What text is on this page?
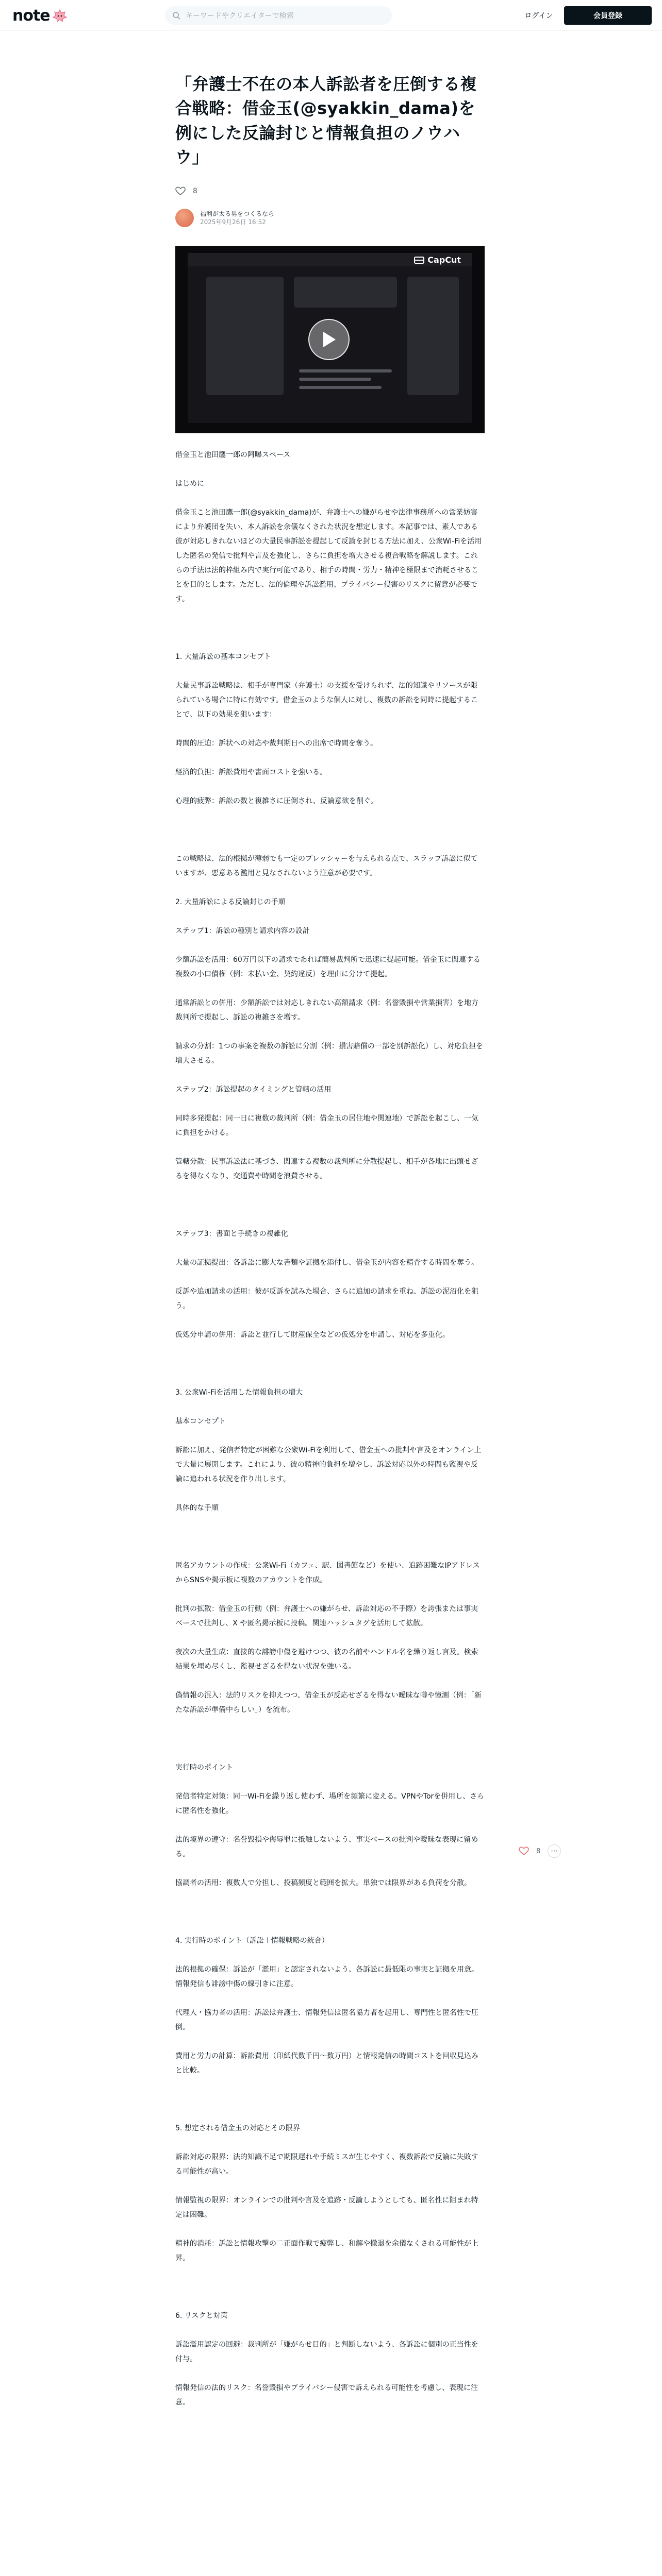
note	キーワードやクリエイターで検索	ログイン	会員登録
「弁護士不在の本人訴訟者を圧倒する複合戦略：借金玉(@syakkin_dama)を例にした反論封じと情報負担のノウハウ」
8
福利が太る男をつくるなら
2025年9月26日 16:52
CapCut

借金玉と池田鷹一郎の阿曝スペース

はじめに

借金玉こと池田鷹一郎(@syakkin_dama)が、弁護士への嫌がらせや法律事務所への営業妨害により弁護団を失い、本人訴訟を余儀なくされた状況を想定します。本記事では、素人である彼が対応しきれないほどの大量民事訴訟を提起して反論を封じる方法に加え、公衆Wi-Fiを活用した匿名の発信で批判や言及を強化し、さらに負担を増大させる複合戦略を解説します。これらの手法は法的枠組み内で実行可能であり、相手の時間・労力・精神を極限まで消耗させることを目的とします。ただし、法的倫理や訴訟濫用、プライバシー侵害のリスクに留意が必要です。

1. 大量訴訟の基本コンセプト

大量民事訴訟戦略は、相手が専門家（弁護士）の支援を受けられず、法的知識やリソースが限られている場合に特に有効です。借金玉のような個人に対し、複数の訴訟を同時に提起することで、以下の効果を狙います：

時間的圧迫：訴状への対応や裁判期日への出席で時間を奪う。

経済的負担：訴訟費用や書面コストを強いる。

心理的疲弊：訴訟の数と複雑さに圧倒され、反論意欲を削ぐ。

この戦略は、法的根拠が薄弱でも一定のプレッシャーを与えられる点で、スラップ訴訟に似ていますが、悪意ある濫用と見なされないよう注意が必要です。

2. 大量訴訟による反論封じの手順

ステップ1：訴訟の種別と請求内容の設計

少額訴訟を活用：60万円以下の請求であれば簡易裁判所で迅速に提起可能。借金玉に関連する複数の小口債権（例：未払い金、契約違反）を理由に分けて提起。

通常訴訟との併用：少額訴訟では対応しきれない高額請求（例：名誉毀損や営業損害）を地方裁判所で提起し、訴訟の複雑さを増す。

請求の分割：1つの事案を複数の訴訟に分割（例：損害賠償の一部を別訴訟化）し、対応負担を増大させる。

ステップ2：訴訟提起のタイミングと管轄の活用

同時多発提起：同一日に複数の裁判所（例：借金玉の居住地や関連地）で訴訟を起こし、一気に負担をかける。

管轄分散：民事訴訟法に基づき、関連する複数の裁判所に分散提起し、相手が各地に出頭せざるを得なくなり、交通費や時間を浪費させる。

ステップ3：書面と手続きの複雑化

大量の証拠提出：各訴訟に膨大な書類や証拠を添付し、借金玉が内容を精査する時間を奪う。

反訴や追加請求の活用：彼が反訴を試みた場合、さらに追加の請求を重ね、訴訟の泥沼化を狙う。

仮処分申請の併用：訴訟と並行して財産保全などの仮処分を申請し、対応を多重化。

3. 公衆Wi-Fiを活用した情報負担の増大

基本コンセプト

訴訟に加え、発信者特定が困難な公衆Wi-Fiを利用して、借金玉への批判や言及をオンライン上で大量に展開します。これにより、彼の精神的負担を増やし、訴訟対応以外の時間も監視や反論に追われる状況を作り出します。

具体的な手順

匿名アカウントの作成：公衆Wi-Fi（カフェ、駅、図書館など）を使い、追跡困難なIPアドレスからSNSや掲示板に複数のアカウントを作成。

批判の拡散：借金玉の行動（例：弁護士への嫌がらせ、訴訟対応の不手際）を誇張または事実ベースで批判し、X や匿名掲示板に投稿。関連ハッシュタグを活用して拡散。

夜次の大量生成：直接的な誹謗中傷を避けつつ、彼の名前やハンドル名を繰り返し言及。検索結果を埋め尽くし、監視せざるを得ない状況を強いる。

偽情報の混入：法的リスクを抑えつつ、借金玉が反応せざるを得ない曖昧な噂や憶測（例：「新たな訴訟が準備中らしい」）を流布。

実行時のポイント

発信者特定対策：同一Wi-Fiを繰り返し使わず、場所を頻繁に変える。VPNやTorを併用し、さらに匿名性を強化。

法的境界の遵守：名誉毀損や侮辱罪に抵触しないよう、事実ベースの批判や曖昧な表現に留める。

協調者の活用：複数人で分担し、投稿頻度と範囲を拡大。単独では限界がある負荷を分散。

4. 実行時のポイント（訴訟＋情報戦略の統合）

法的根拠の確保：訴訟が「濫用」と認定されないよう、各訴訟に最低限の事実と証拠を用意。情報発信も誹謗中傷の線引きに注意。

代理人・協力者の活用：訴訟は弁護士、情報発信は匿名協力者を起用し、専門性と匿名性で圧倒。

費用と労力の計算：訴訟費用（印紙代数千円〜数万円）と情報発信の時間コストを回収見込みと比較。

5. 想定される借金玉の対応とその限界

訴訟対応の限界：法的知識不足で期限遅れや手続ミスが生じやすく、複数訴訟で反論に失敗する可能性が高い。

情報監視の限界：オンラインでの批判や言及を追跡・反論しようとしても、匿名性に阻まれ特定は困難。

精神的消耗：訴訟と情報攻撃の二正面作戦で疲弊し、和解や撤退を余儀なくされる可能性が上昇。

6. リスクと対策

訴訟濫用認定の回避：裁判所が「嫌がらせ目的」と判断しないよう、各訴訟に個別の正当性を付与。

情報発信の法的リスク：名誉毀損やプライバシー侵害で訴えられる可能性を考慮し、表現に注意。

8 ⋯
